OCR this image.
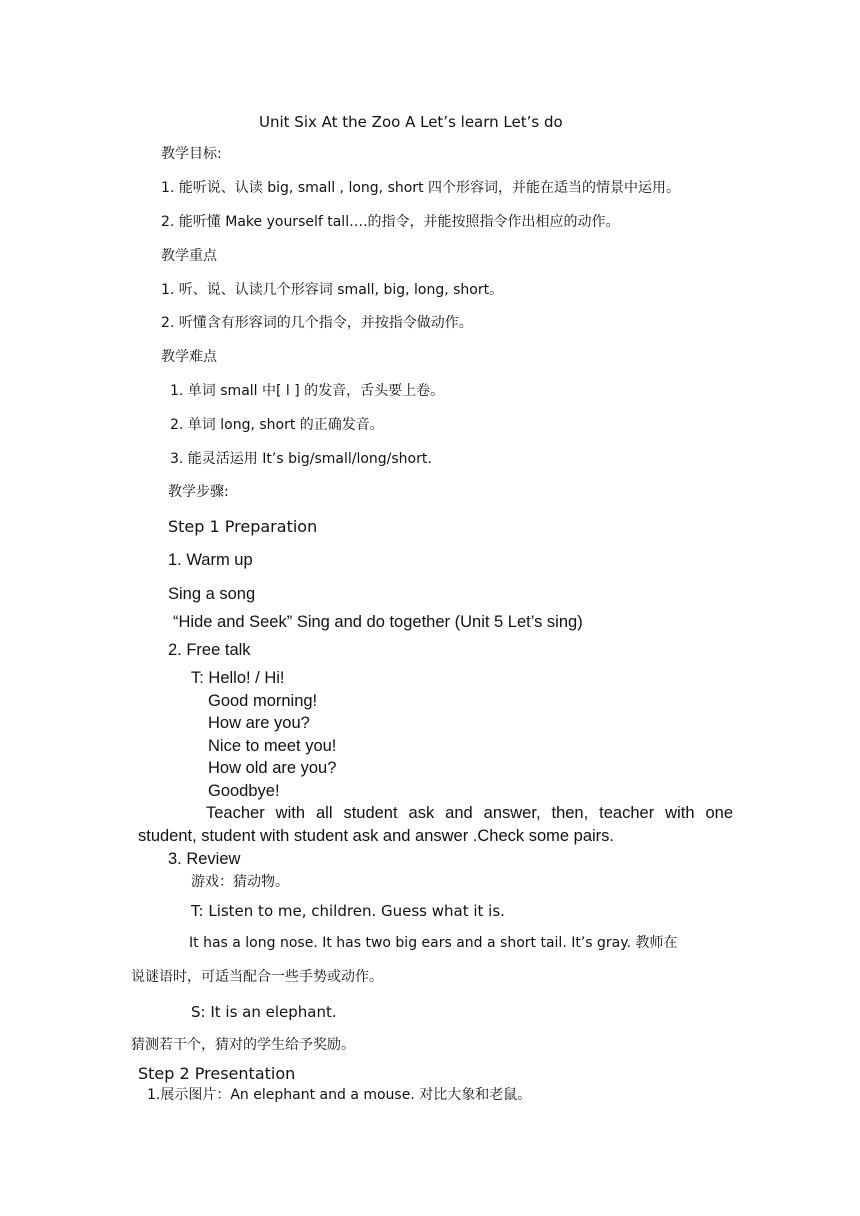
Unit Six At the Zoo A Let’s learn Let’s do
教学目标:
1. 能听说、认读 big, small , long, short 四个形容词，并能在适当的情景中运用。
2. 能听懂 Make yourself tall….的指令，并能按照指令作出相应的动作。
教学重点
1. 听、说、认读几个形容词 small, big, long, short。
2. 听懂含有形容词的几个指令，并按指令做动作。
教学难点
1. 单词 small 中[ l ] 的发音，舌头要上卷。
2. 单词 long, short 的正确发音。
3. 能灵活运用 It’s big/small/long/short.
教学步骤:
Step 1 Preparation
1. Warm up
Sing a song
“Hide and Seek” Sing and do together (Unit 5 Let’s sing)
2. Free talk
T: Hello! / Hi!
Good morning!
How are you?
Nice to meet you!
How old are you?
Goodbye!
Teacher with all student ask and answer, then, teacher with one
student, student with student ask and answer .Check some pairs.
3. Review
游戏：猜动物。
T: Listen to me, children. Guess what it is.
It has a long nose. It has two big ears and a short tail. It’s gray. 教师在
说谜语时，可适当配合一些手势或动作。
S: It is an elephant.
猜测若干个，猜对的学生给予奖励。
Step 2 Presentation
1.展示图片：An elephant and a mouse. 对比大象和老鼠。
